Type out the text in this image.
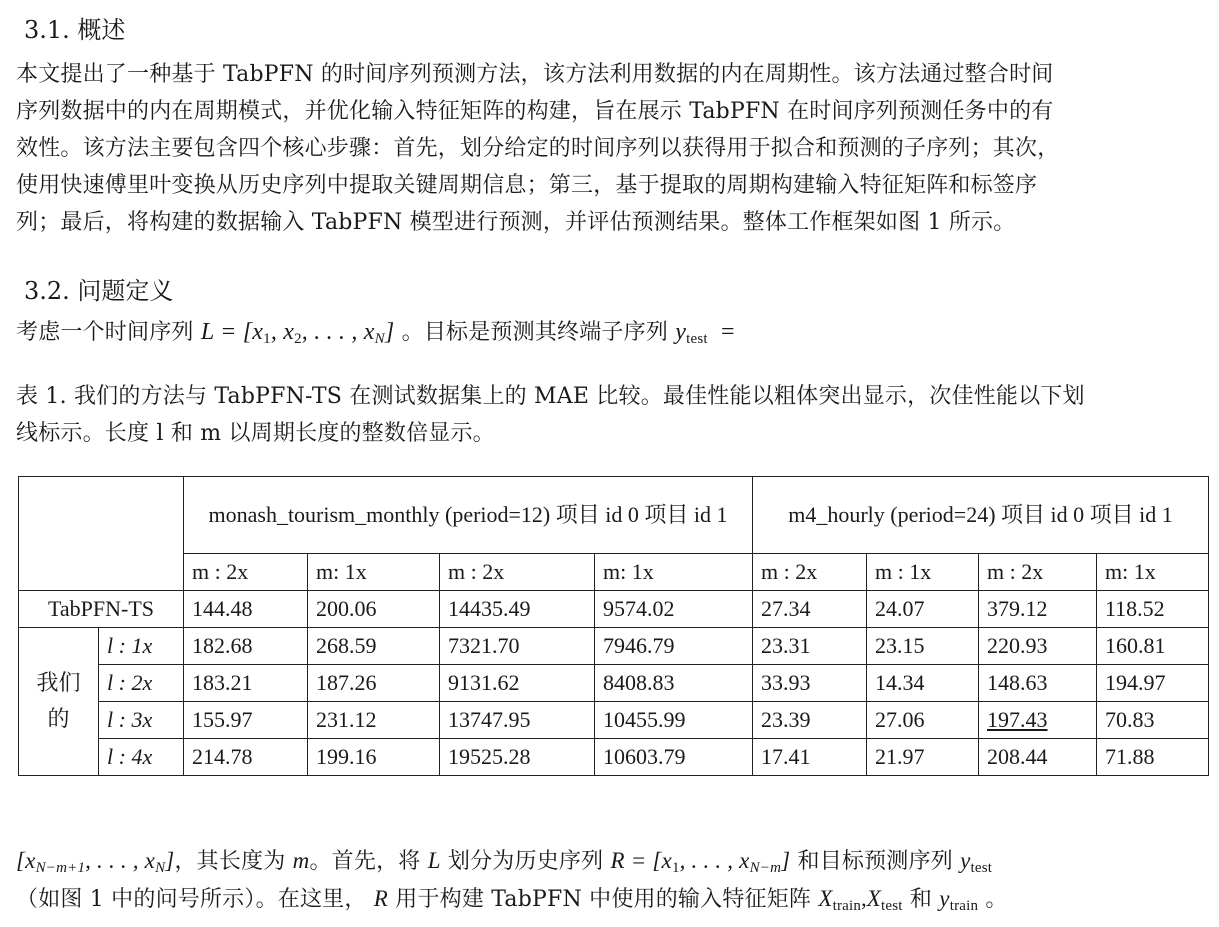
3.1. 概述
本文提出了一种基于 TabPFN 的时间序列预测方法，该方法利用数据的内在周期性。该方法通过整合时间
序列数据中的内在周期模式，并优化输入特征矩阵的构建，旨在展示 TabPFN 在时间序列预测任务中的有
效性。该方法主要包含四个核心步骤：首先，划分给定的时间序列以获得用于拟合和预测的子序列；其次，
使用快速傅里叶变换从历史序列中提取关键周期信息；第三，基于提取的周期构建输入特征矩阵和标签序
列；最后，将构建的数据输入 TabPFN 模型进行预测，并评估预测结果。整体工作框架如图 1 所示。
3.2. 问题定义
考虑一个时间序列 $L = [x_1$, $x_2$, . . . , $x_N$] 。目标是预测其终端子序列 $y_{test}$ =
表 1. 我们的方法与 TabPFN-TS 在测试数据集上的 MAE 比较。最佳性能以粗体突出显示，次佳性能以下划
线标示。长度 l 和 m 以周期长度的整数倍显示。
		monash_tourism_monthly (period=12) 项目 id 0 项目 id 1				m4_hourly (period=24) 项目 id 0 项目 id 1			
		m : 2x	m: 1x	m : 2x	m: 1x	m : 2x	m : 1x	m : 2x	m: 1x
TabPFN-TS		144.48	200.06	14435.49	9574.02	27.34	24.07	379.12	118.52
我们的	l : 1x	182.68	268.59	7321.70	7946.79	23.31	23.15	220.93	160.81
	l : 2x	183.21	187.26	9131.62	8408.83	33.93	14.34	148.63	194.97
	l : 3x	155.97	231.12	13747.95	10455.99	23.39	27.06	197.43	70.83
	l : 4x	214.78	199.16	19525.28	10603.79	17.41	21.97	208.44	71.88
[$x_{N-m+1}$, . . . , $x_N$]，其长度为 m。首先，将 L 划分为历史序列 $R = [x_1$, . . . , $x_{N-m}$] 和目标预测序列 $y_{test}$
（如图 1 中的问号所示）。在这里， R 用于构建 TabPFN 中使用的输入特征矩阵 $X_{train},X_{test}$ 和 $y_{train}$ 。
